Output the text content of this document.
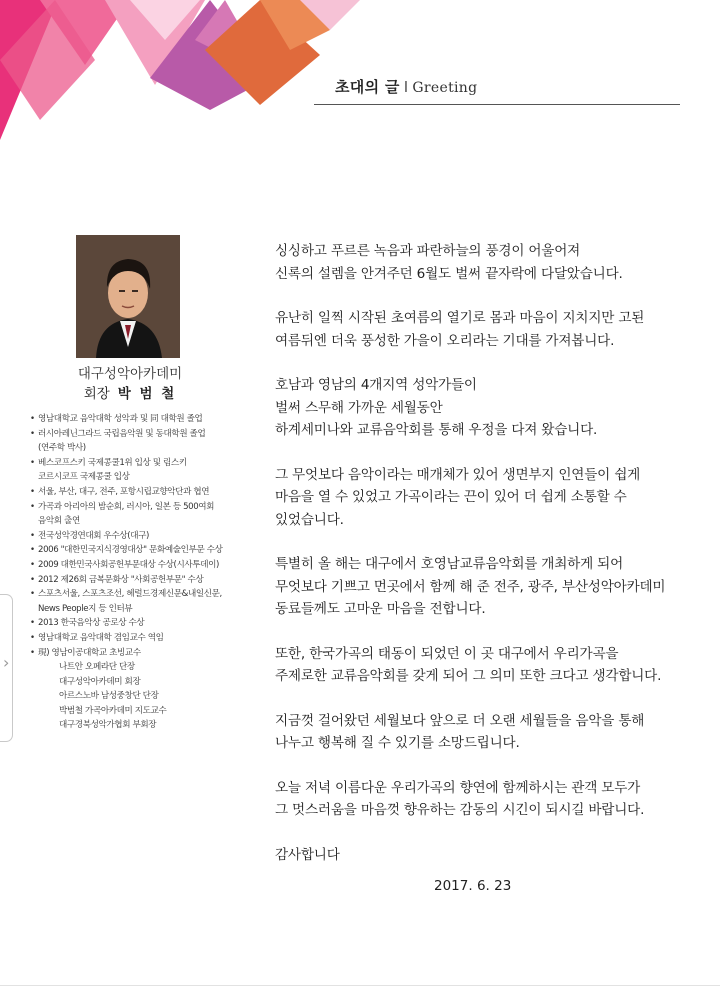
초대의 글 I Greeting
대구성악아카데미
회장 박 범 철
• 영남대학교 음악대학 성악과 및 同 대학원 졸업
• 러시아레닌그라드 국립음악원 및 동대학원 졸업
(연주학 박사)
• 베스코프스키 국제콩쿨1위 입상 및 림스키
코르시코프 국제콩쿨 입상
• 서울, 부산, 대구, 전주, 포항시립교향악단과 협연
• 가곡과 아리아의 밤순회, 러시아, 일본 등 500여회
음악회 출연
• 전국성악경연대회 우수상(대구)
• 2006 "대한민국지식경영대상" 문화예술인부문 수상
• 2009 대한민국사회공헌부문대상 수상(시사투데이)
• 2012 제26회 금복문화상 "사회공헌부문" 수상
• 스포츠서울, 스포츠조선, 헤럴드경제신문&내일신문,
News People지 등 인터뷰
• 2013 한국음악상 공로상 수상
• 영남대학교 음악대학 겸임교수 역임
• 現) 영남이공대학교 초빙교수
나트안 오페라단 단장
대구성악아카데미 회장
아르스노바 남성중창단 단장
박범철 가곡아카데미 지도교수
대구경북성악가협회 부회장
›

싱싱하고 푸르른 녹음과 파란하늘의 풍경이 어울어져

신록의 설렘을 안겨주던 6월도 벌써 끝자락에 다달았습니다.

유난히 일찍 시작된 초여름의 열기로 몸과 마음이 지치지만 고된

여름뒤엔 더욱 풍성한 가을이 오리라는 기대를 가져봅니다.

호남과 영남의 4개지역 성악가들이

벌써 스무해 가까운 세월동안

하계세미나와 교류음악회를 통해 우정을 다져 왔습니다.

그 무엇보다 음악이라는 매개체가 있어 생면부지 인연들이 쉽게

마음을 열 수 있었고 가곡이라는 끈이 있어 더 쉽게 소통할 수

있었습니다.

특별히 올 해는 대구에서 호영남교류음악회를 개최하게 되어

무엇보다 기쁘고 먼곳에서 함께 해 준 전주, 광주, 부산성악아카데미

동료들께도 고마운 마음을 전합니다.

또한, 한국가곡의 태동이 되었던 이 곳 대구에서 우리가곡을

주제로한 교류음악회를 갖게 되어 그 의미 또한 크다고 생각합니다.

지금껏 걸어왔던 세월보다 앞으로 더 오랜 세월들을 음악을 통해

나누고 행복해 질 수 있기를 소망드립니다.

오늘 저녁 이름다운 우리가곡의 향연에 함께하시는 관객 모두가

그 멋스러움을 마음껏 향유하는 감동의 시긴이 되시길 바랍니다.

감사합니다

2017. 6. 23
